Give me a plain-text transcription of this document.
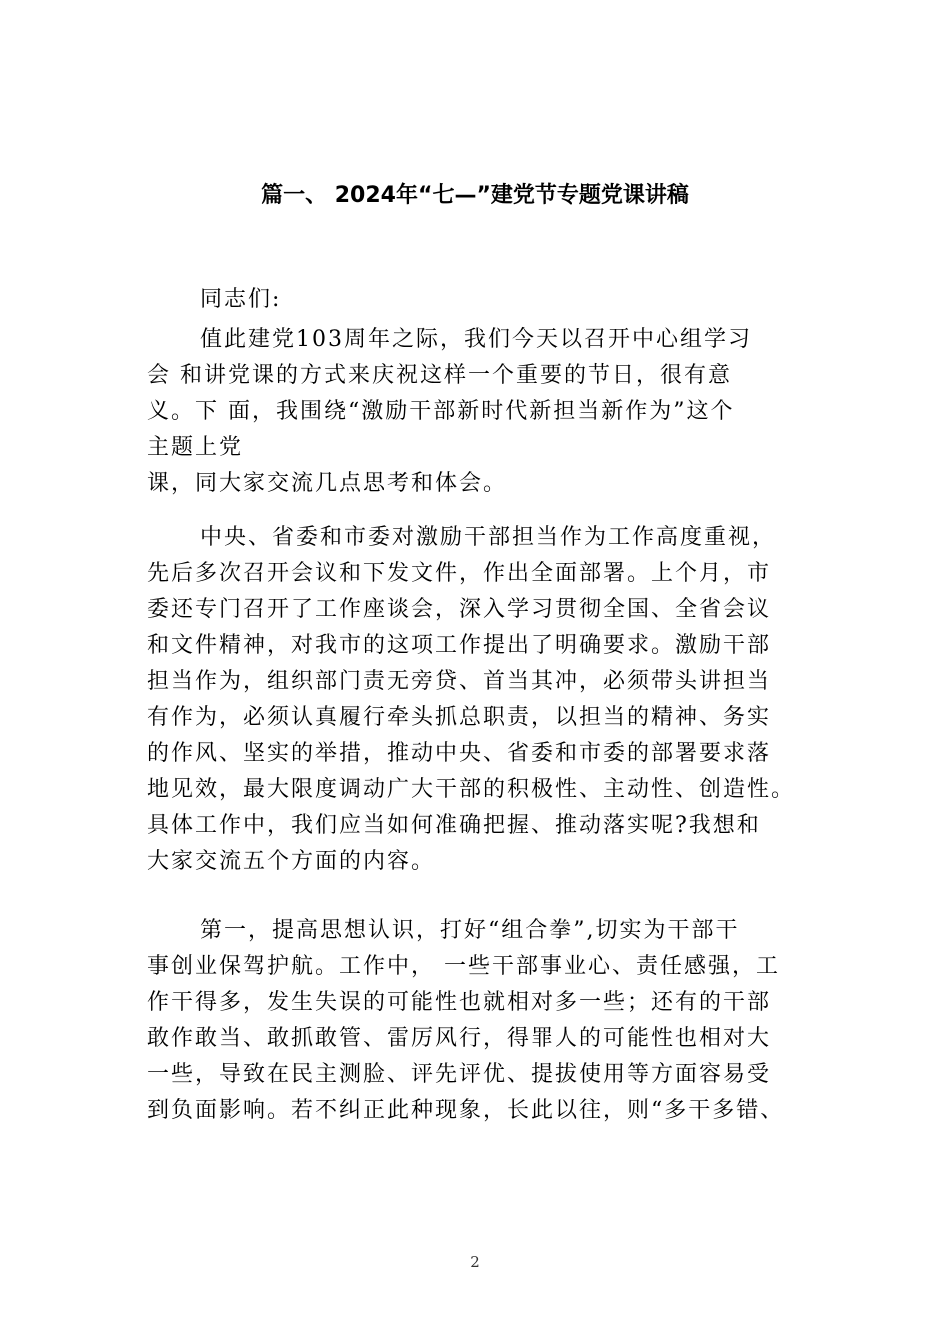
篇一、 2024年“七—”建党节专题党课讲稿
同志们:
值此建党103周年之际，我们今天以召开中心组学习
会 和讲党课的方式来庆祝这样一个重要的节日，很有意
义。下 面，我围绕“激励干部新时代新担当新作为”这个
主题上党
课，同大家交流几点思考和体会。
中央、省委和市委对激励干部担当作为工作高度重视，
先后多次召开会议和下发文件，作出全面部署。上个月，市
委还专门召开了工作座谈会，深入学习贯彻全国、全省会议
和文件精神，对我市的这项工作提出了明确要求。激励干部
担当作为，组织部门责无旁贷、首当其冲，必须带头讲担当
有作为，必须认真履行牵头抓总职责，以担当的精神、务实
的作风、坚实的举措，推动中央、省委和市委的部署要求落
地见效，最大限度调动广大干部的积极性、主动性、创造性。
具体工作中，我们应当如何准确把握、推动落实呢?我想和
大家交流五个方面的内容。
第一，提高思想认识，打好“组合拳”,切实为干部干
事创业保驾护航。工作中， 一些干部事业心、责任感强，工
作干得多，发生失误的可能性也就相对多一些；还有的干部
敢作敢当、敢抓敢管、雷厉风行，得罪人的可能性也相对大
一些，导致在民主测脸、评先评优、提拔使用等方面容易受
到负面影响。若不纠正此种现象，长此以往，则“多干多错、
2
